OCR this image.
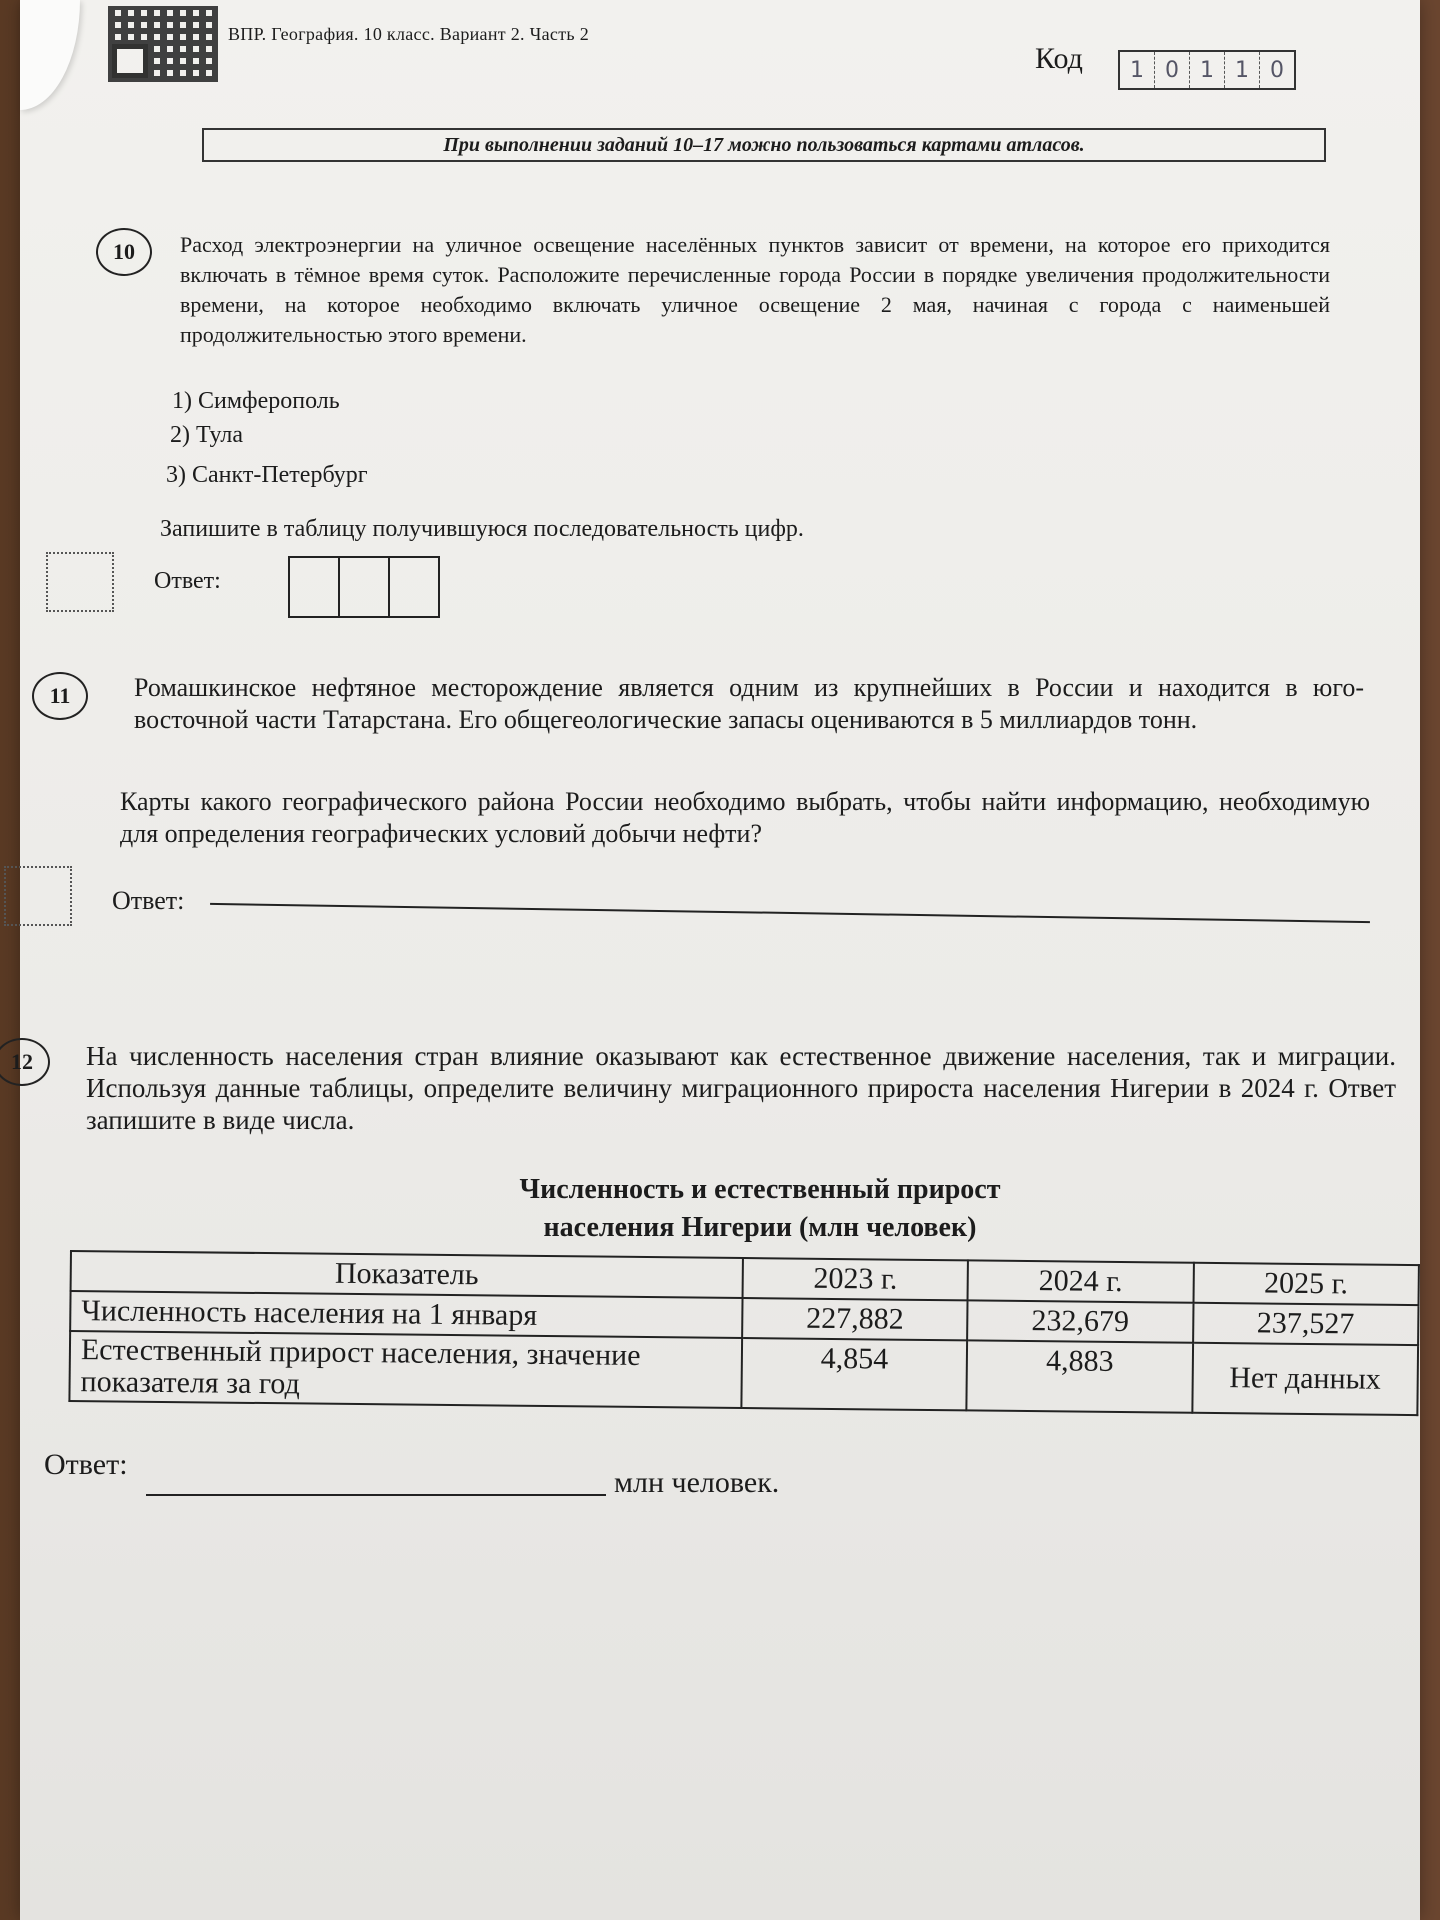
ВПР. География. 10 класс. Вариант 2. Часть 2
Код	1 0 1 1 0
При выполнении заданий 10–17 можно пользоваться картами атласов.
10	Расход электроэнергии на уличное освещение населённых пунктов зависит от времени, на которое его приходится включать в тёмное время суток. Расположите перечисленные города России в порядке увеличения продолжительности времени, на которое необходимо включать уличное освещение 2 мая, начиная с города с наименьшей продолжительностью этого времени.
1) Симферополь
2) Тула
3) Санкт-Петербург
Запишите в таблицу получившуюся последовательность цифр.
Ответ:
11	Ромашкинское нефтяное месторождение является одним из крупнейших в России и находится в юго-восточной части Татарстана. Его общегеологические запасы оцениваются в 5 миллиардов тонн.
Карты какого географического района России необходимо выбрать, чтобы найти информацию, необходимую для определения географических условий добычи нефти?
Ответ:
12	На численность населения стран влияние оказывают как естественное движение населения, так и миграции. Используя данные таблицы, определите величину миграционного прироста населения Нигерии в 2024 г. Ответ запишите в виде числа.
Численность и естественный прирост
населения Нигерии (млн человек)
Показатель	2023 г.	2024 г.	2025 г.
Численность населения на 1 января	227,882	232,679	237,527
Естественный прирост населения, значение показателя за год	4,854	4,883	Нет данных
Ответ:
млн человек.
